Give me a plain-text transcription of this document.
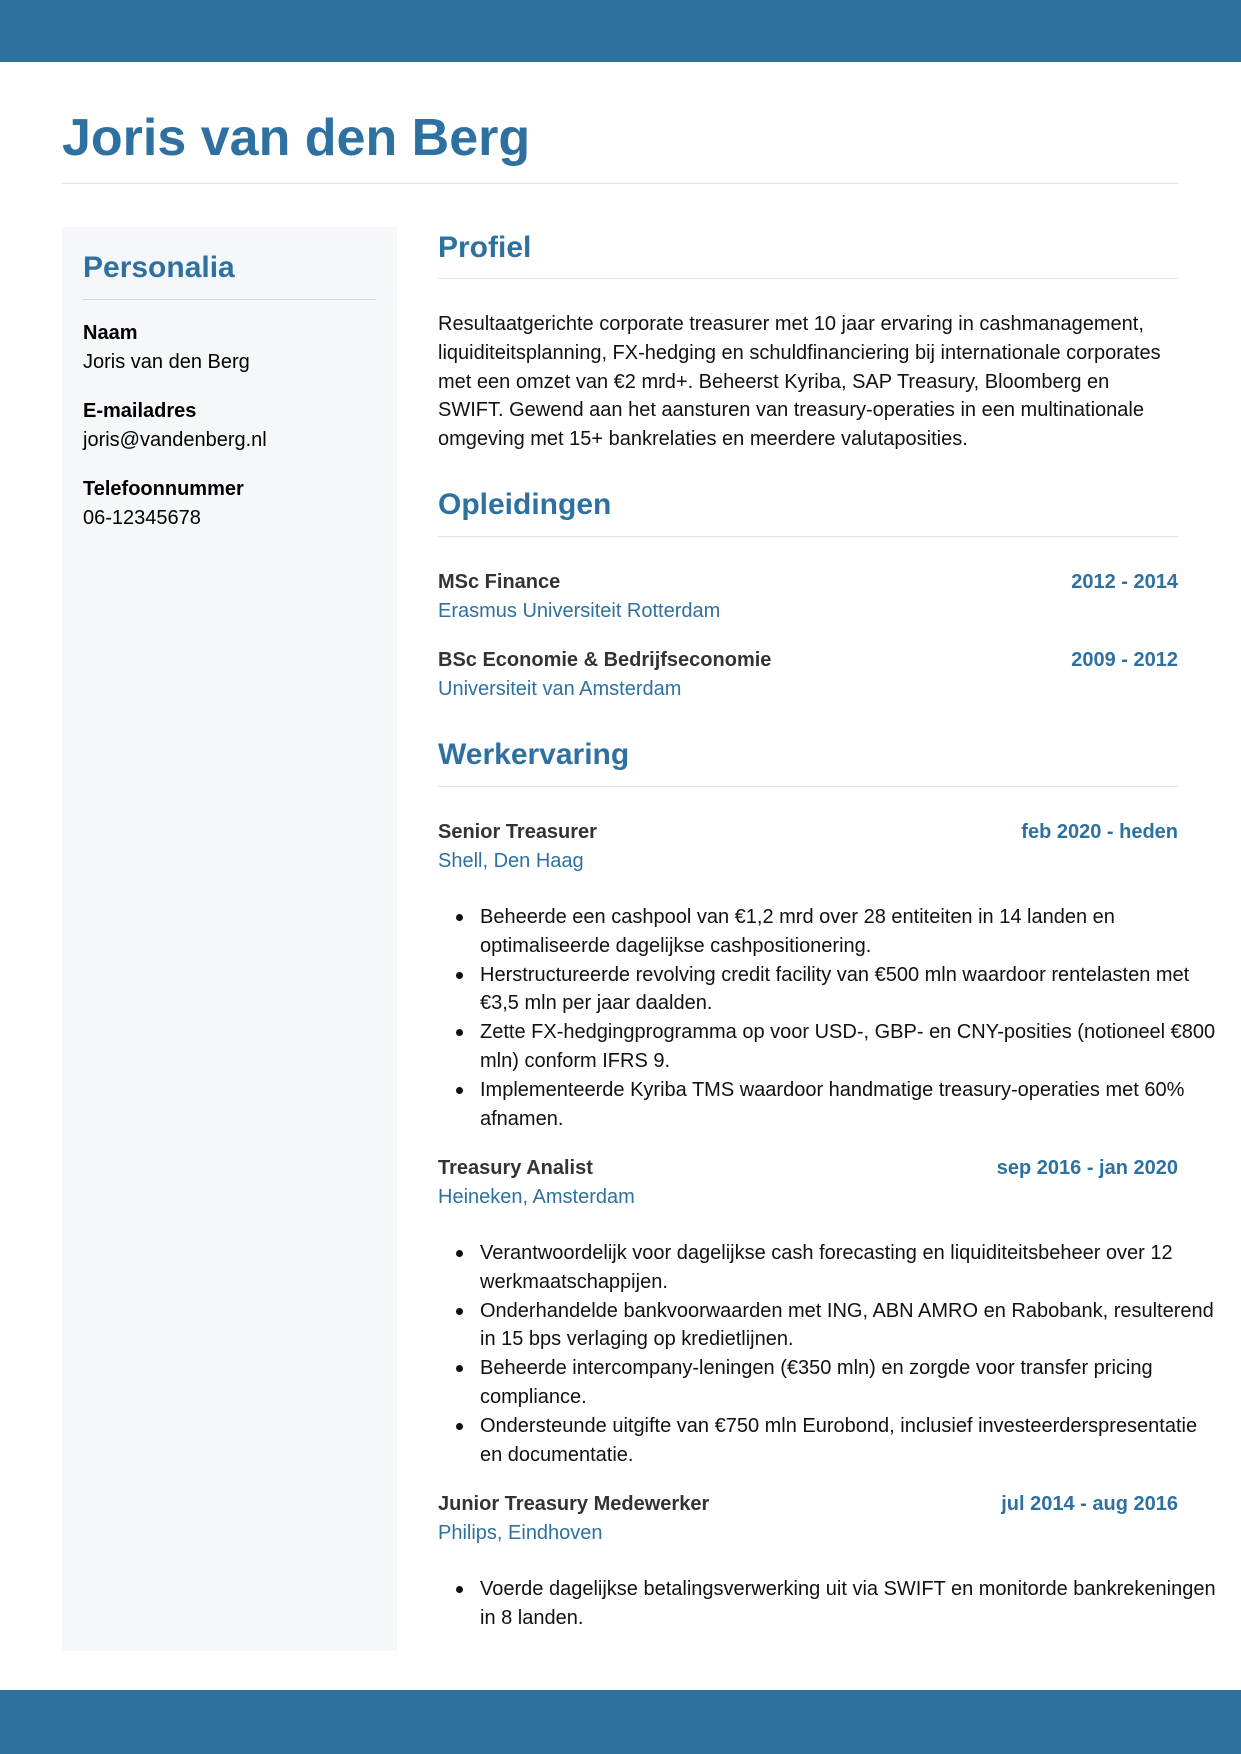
Joris van den Berg
Personalia
Naam
Joris van den Berg
E-mailadres
joris@vandenberg.nl
Telefoonnummer
06-12345678
Profiel

Resultaatgerichte corporate treasurer met 10 jaar ervaring in cashmanagement, liquiditeitsplanning, FX-hedging en schuldfinanciering bij internationale corporates met een omzet van €2 mrd+. Beheerst Kyriba, SAP Treasury, Bloomberg en SWIFT. Gewend aan het aansturen van treasury-operaties in een multinationale omgeving met 15+ bankrelaties en meerdere valutaposities.

Opleidingen
MSc Finance	2012 - 2014
Erasmus Universiteit Rotterdam
BSc Economie & Bedrijfseconomie	2009 - 2012
Universiteit van Amsterdam
Werkervaring
Senior Treasurer	feb 2020 - heden
Shell, Den Haag
Beheerde een cashpool van €1,2 mrd over 28 entiteiten in 14 landen en optimaliseerde dagelijkse cashpositionering.
Herstructureerde revolving credit facility van €500 mln waardoor rentelasten met €3,5 mln per jaar daalden.
Zette FX-hedgingprogramma op voor USD-, GBP- en CNY-posities (notioneel €800 mln) conform IFRS 9.
Implementeerde Kyriba TMS waardoor handmatige treasury-operaties met 60% afnamen.
Treasury Analist	sep 2016 - jan 2020
Heineken, Amsterdam
Verantwoordelijk voor dagelijkse cash forecasting en liquiditeitsbeheer over 12 werkmaatschappijen.
Onderhandelde bankvoorwaarden met ING, ABN AMRO en Rabobank, resulterend in 15 bps verlaging op kredietlijnen.
Beheerde intercompany-leningen (€350 mln) en zorgde voor transfer pricing compliance.
Ondersteunde uitgifte van €750 mln Eurobond, inclusief investeerderspresentatie en documentatie.
Junior Treasury Medewerker	jul 2014 - aug 2016
Philips, Eindhoven
Voerde dagelijkse betalingsverwerking uit via SWIFT en monitorde bankrekeningen in 8 landen.
